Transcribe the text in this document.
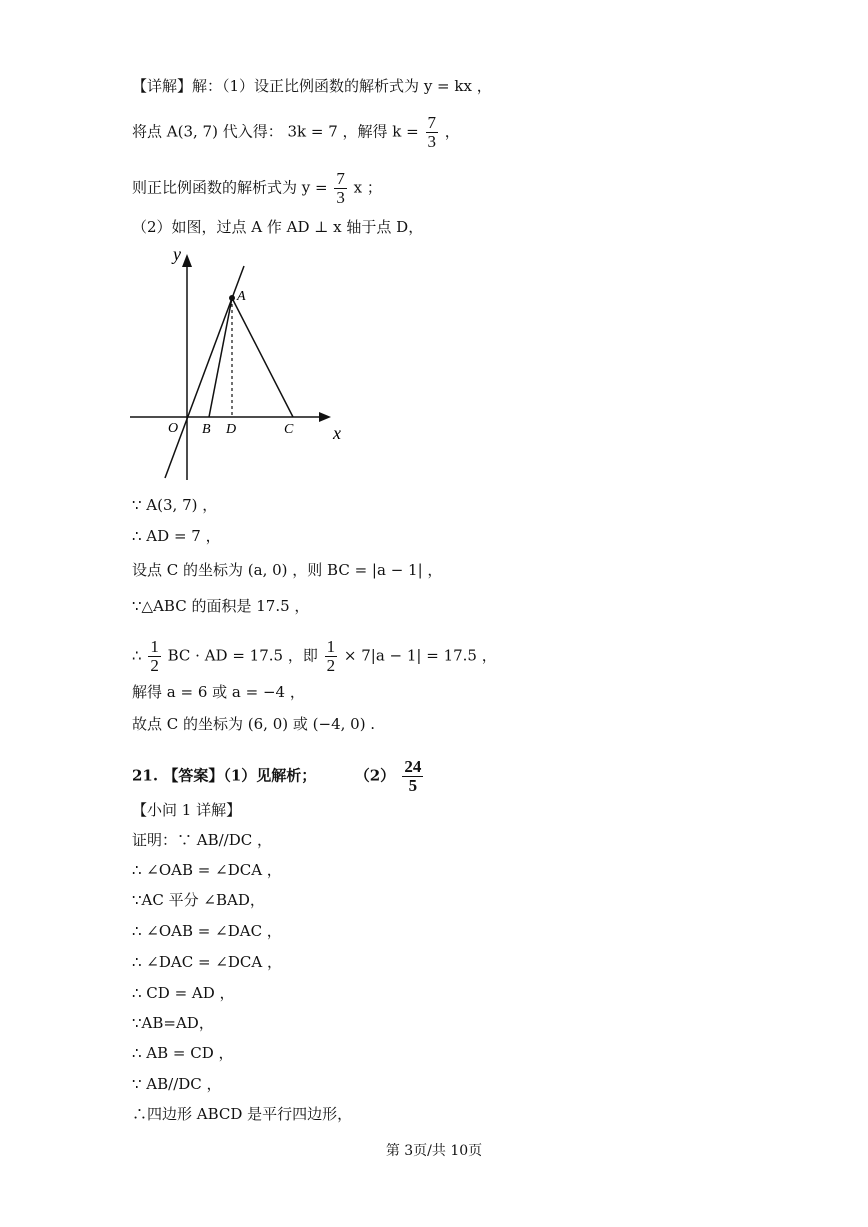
【详解】解：（1）设正比例函数的解析式为 y = kx ，
将点 A(3, 7) 代入得： 3k = 7 ，解得 $k = \frac{7}{3}$ ，
则正比例函数的解析式为 $y = \frac{7}{3}$ x ；
（2）如图，过点 A 作 AD ⊥ x 轴于点 D，
y
x
A
O B D	C
∵ A(3, 7) ，
∴ AD = 7 ，
设点 C 的坐标为 (a, 0) ，则 BC = |a − 1| ，
∵△ABC 的面积是 17.5 ，
∴ $\frac{1}{2}$ BC · AD = 17.5 ，即 $\frac{1}{2} \times 7|a - 1| = 17.5$ ，
解得 a = 6 或 a = −4 ，
故点 C 的坐标为 (6, 0) 或 (−4, 0) .
21. 【答案】（1）见解析；	$(2) \frac{24}{5}$
【小问 1 详解】
证明：∵ AB//DC ，
∴ ∠OAB = ∠DCA ，
∵AC 平分 ∠BAD，
∴ ∠OAB = ∠DAC ，
∴ ∠DAC = ∠DCA ，
∴ CD = AD ，
∵AB=AD，
∴ AB = CD ，
∵ AB//DC ，
∴四边形 ABCD 是平行四边形，
第 3页/共 10页
